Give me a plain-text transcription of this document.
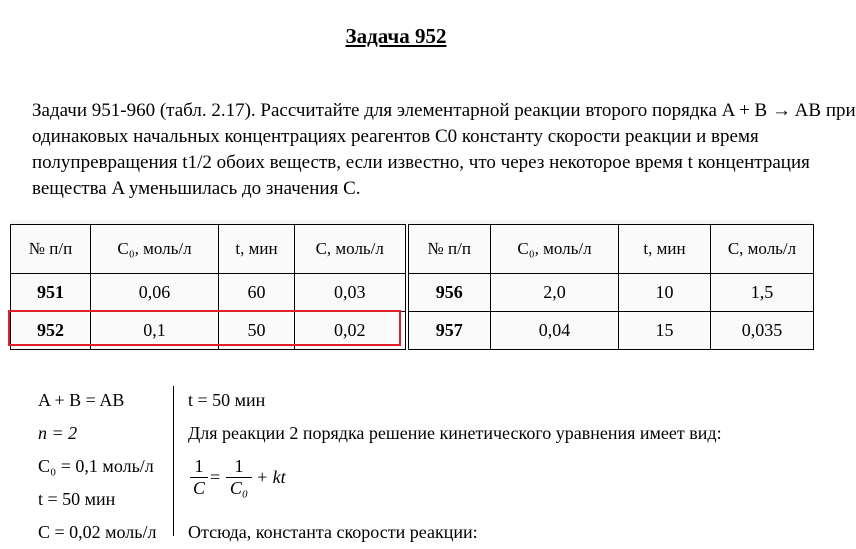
Задача 952
Задачи 951-960 (табл. 2.17). Рассчитайте для элементарной реакции второго порядка A + B → AB при одинаковых начальных концентрациях реагентов C0 константу скорости реакции и время полупревращения t1/2 обоих веществ, если известно, что через некоторое время t концентрация вещества A уменьшилась до значения C.
№ п/п	C₀, моль/л	t, мин	C, моль/л	№ п/п	C₀, моль/л	t, мин	C, моль/л
951	0,06	60	0,03	956	2,0	10	1,5
952	0,1	50	0,02	957	0,04	15	0,035
A + B = AB
n = 2
C₀ = 0,1 моль/л
t = 50 мин
C = 0,02 моль/л
t = 50 мин
Для реакции 2 порядка решение кинетического уравнения имеет вид:
Отсюда, константа скорости реакции:
$\frac{1}{C} = \frac{1}{\text{C₀}}$ + kt
